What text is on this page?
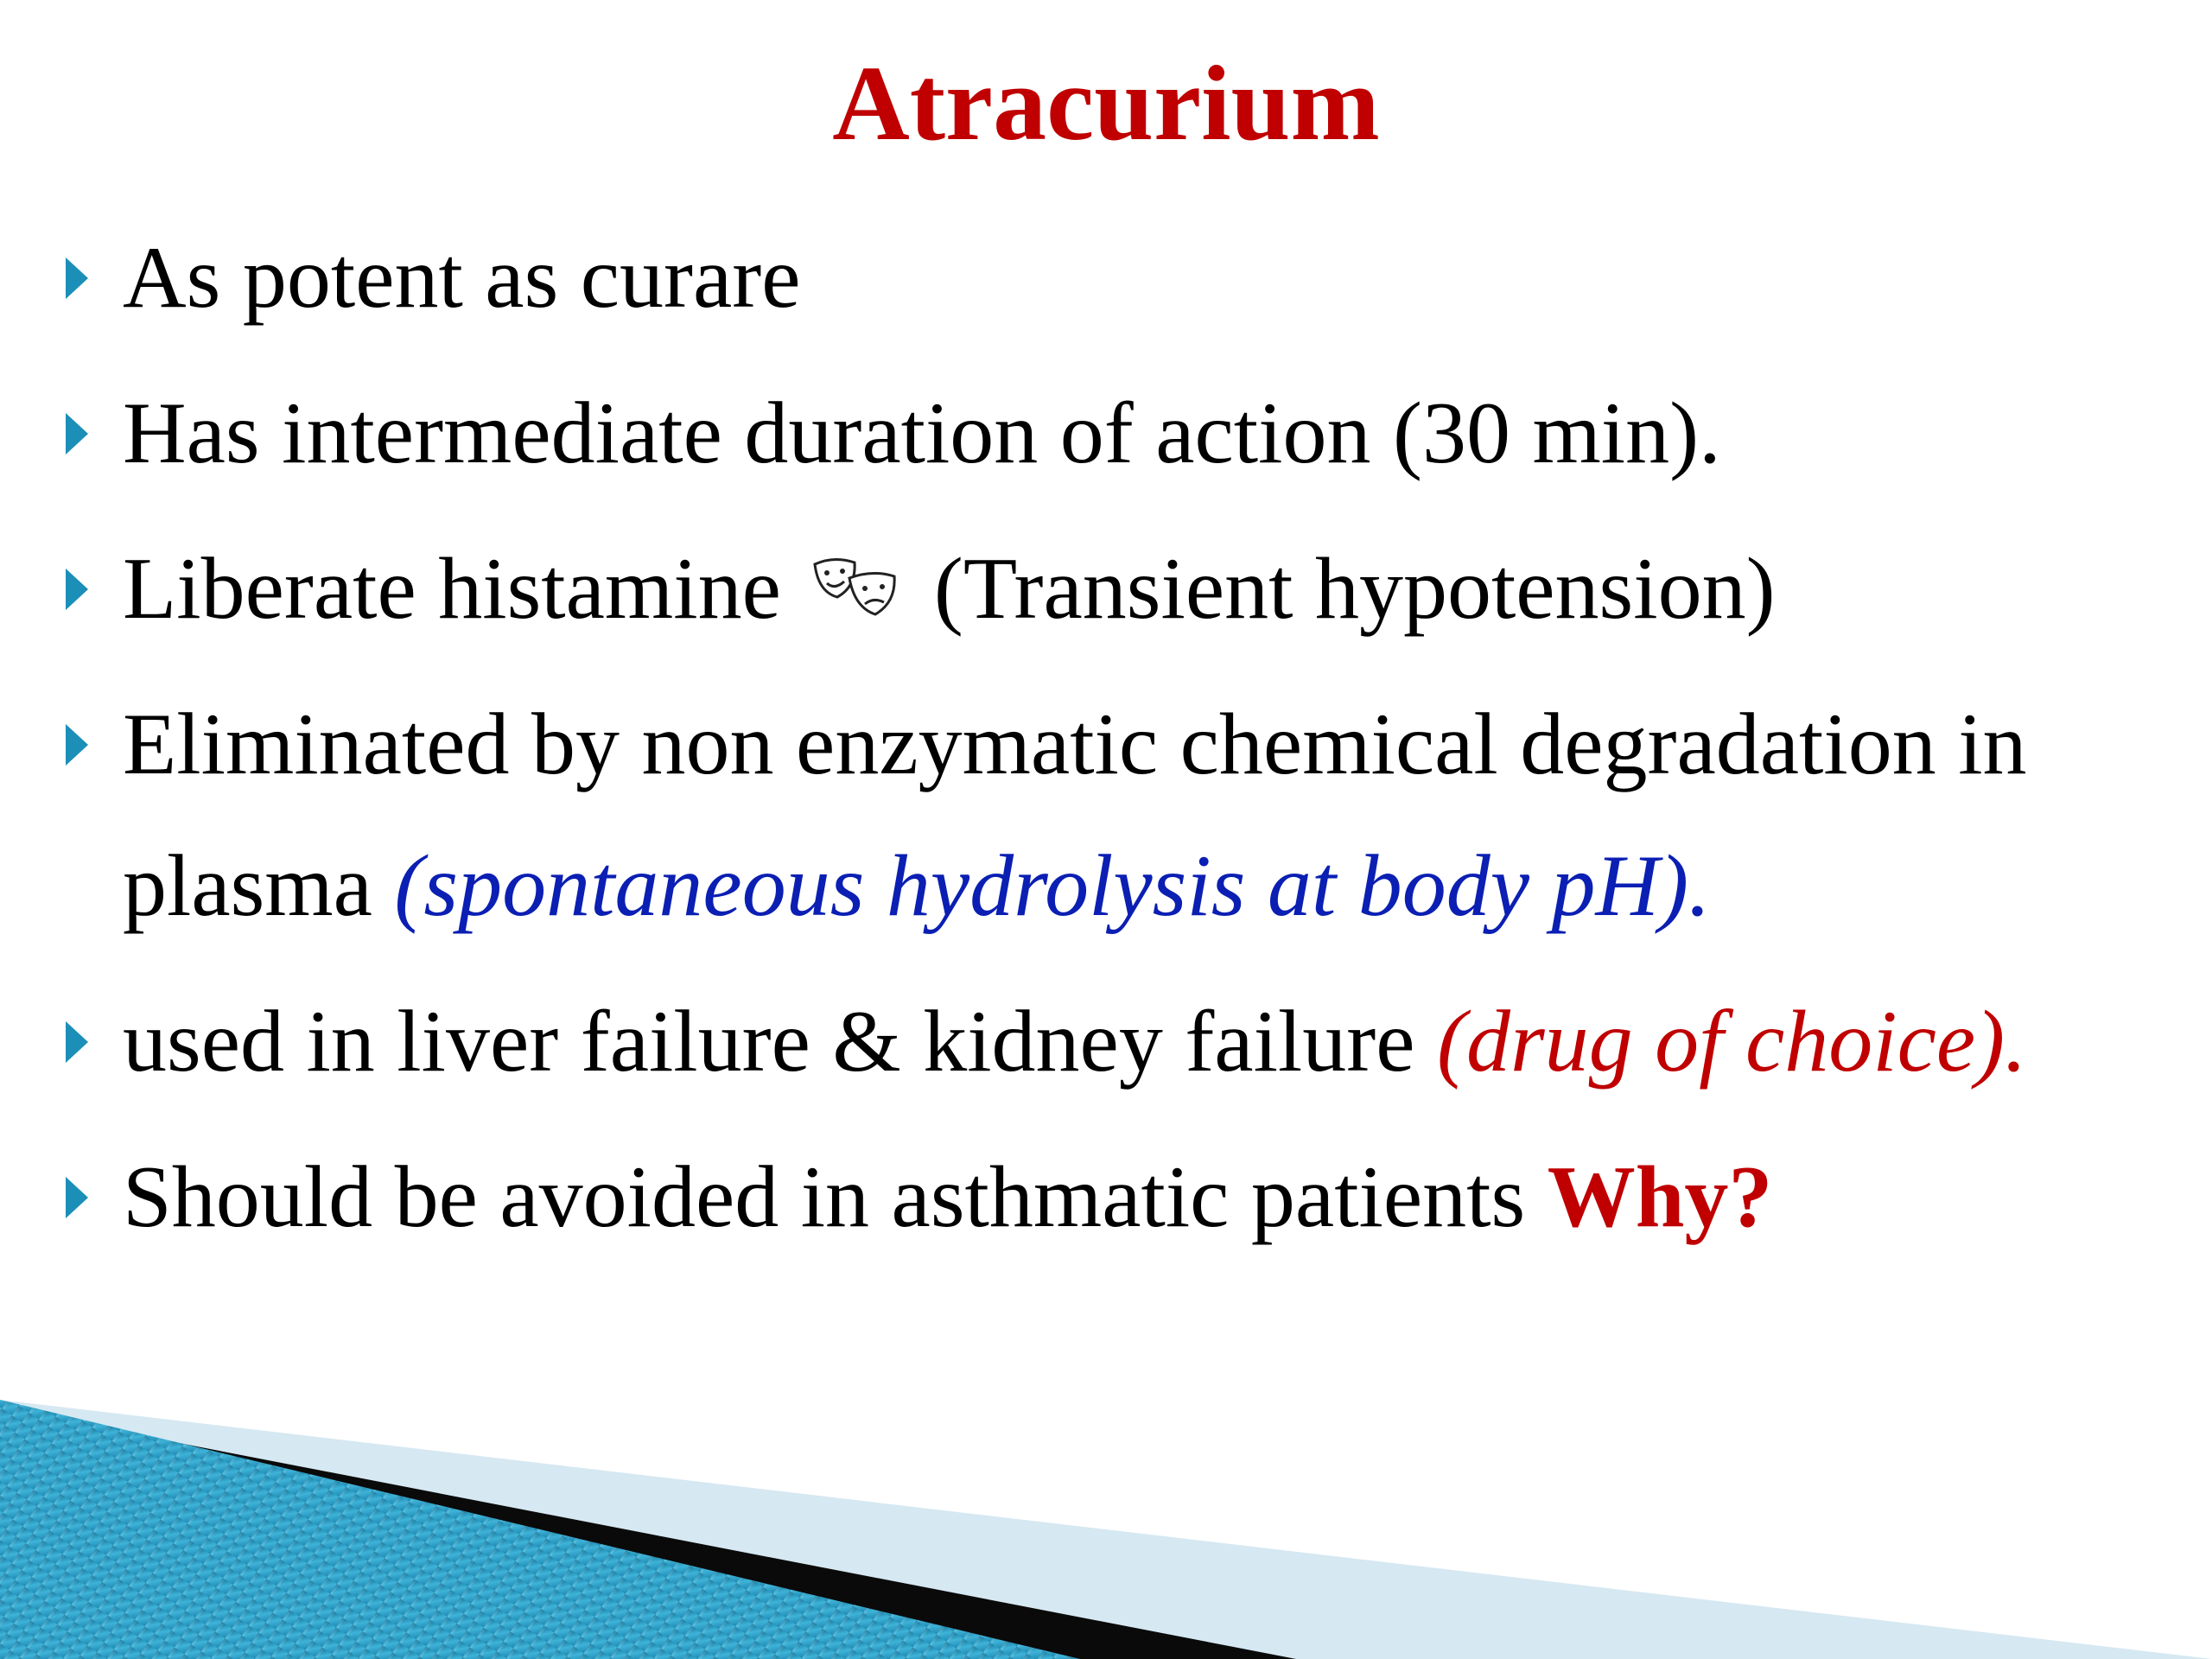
Atracurium
As potent as curare
Has intermediate duration of action (30 min).
Liberate histamine  (Transient hypotension)
Eliminated by non enzymatic chemical degradation in plasma (spontaneous hydrolysis at body pH).
used in liver failure & kidney failure (drug of choice).
Should be avoided in asthmatic patients Why?
